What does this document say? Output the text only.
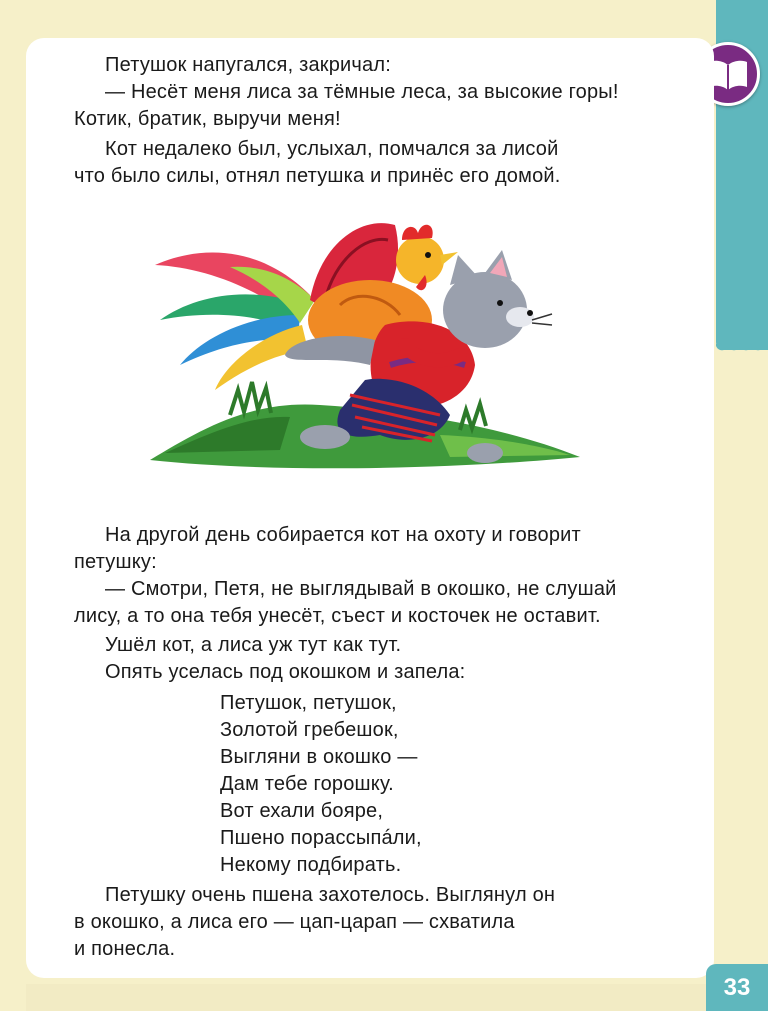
Петушок напугался, закричал:

— Несёт меня лиса за тёмные леса, за высокие горы!

Котик, братик, выручи меня!

Кот недалеко был, услыхал, помчался за лисой

что было силы, отнял петушка и принёс его домой.

На другой день собирается кот на охоту и говорит

петушку:

— Смотри, Петя, не выглядывай в окошко, не слушай

лису, а то она тебя унесёт, съест и косточек не оставит.

Ушёл кот, а лиса уж тут как тут.

Опять уселась под окошком и запела:

Петушок, петушок,

Золотой гребешок,

Выгляни в окошко —

Дам тебе горошку.

Вот ехали бояре,

Пшено порассыпáли,

Некому подбирать.

Петушку очень пшена захотелось. Выглянул он

в окошко, а лиса его — цап-царап — схватила

и понесла.

33
